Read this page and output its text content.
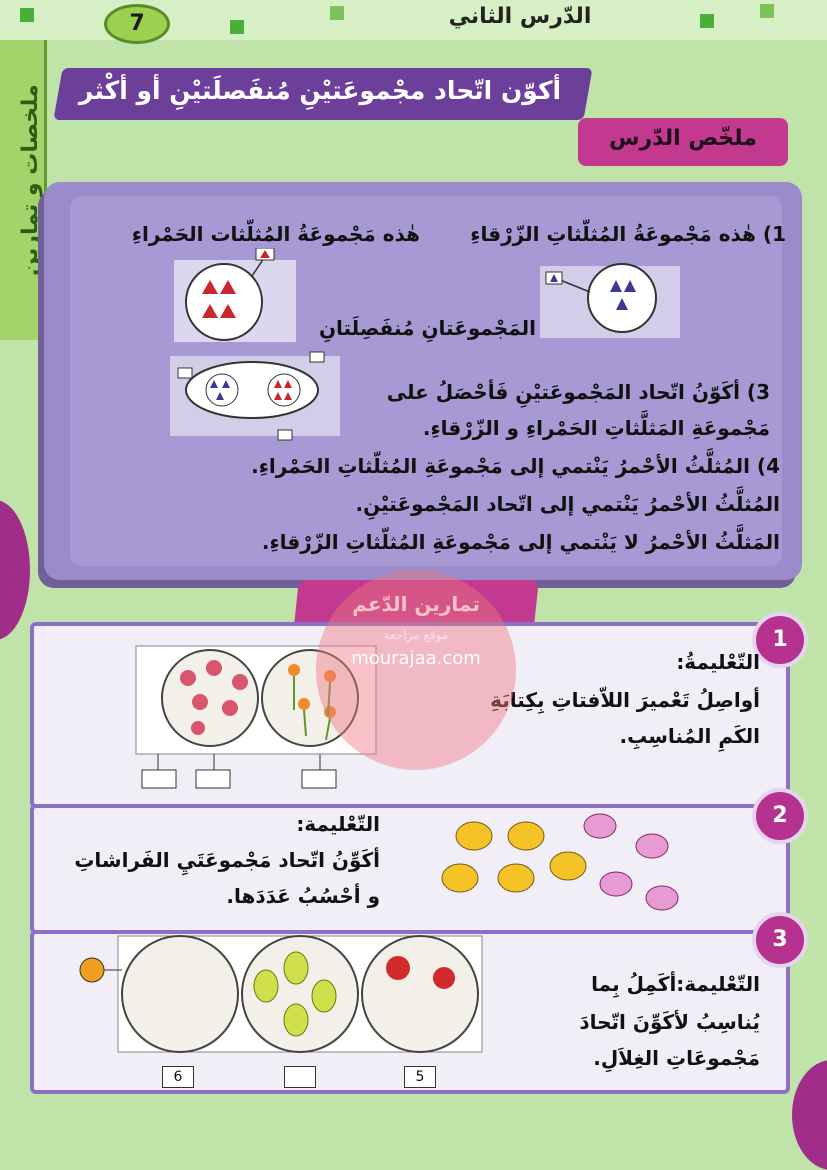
7	الدّرس الثاني
ملخصات و تمارين	أكوّن اتّحاد مجْموعَتيْنِ مُنفَصلَتيْنِ أو أكْثر
ملخّص الدّرس
1) هٰذه مَجْموعَةُ المُثلّثاتِ الزّرْقاءِ
هٰذه مَجْموعَةُ المُثلّثات الحَمْراءِ
المَجْموعَتانِ مُنفَصِلَتانِ
3) أكَوّنُ اتّحاد المَجْموعَتيْنِ فَأحْصَلُ على
مَجْموعَةِ المَثلَّثاتِ الحَمْراءِ و الزّرْقاءِ.
4) المُثلَّثُ الأحْمرُ يَنْتمي إلى مَجْموعَةِ المُثلّثاتِ الحَمْراءِ.
المُثلَّثُ الأحْمرُ يَنْتمي إلى اتّحاد المَجْموعَتيْنِ.
المَثلَّثُ الأحْمرُ لا يَنْتمي إلى مَجْموعَةِ المُثلّثاتِ الزّرْقاءِ.
تمارين الدّعم
1
التّعْليمةُ:
أواصِلُ تَعْميرَ اللاّفتاتِ بِكِتابَةِ
الكَمِ المُناسِبِ.
2
التّعْليمة:
أكَوِّنُ اتّحاد مَجْموعَتَيِ الفَراشاتِ
و أحْسُبُ عَدَدَها.
3
التّعْليمة:أكَمِلُ بِما
يُناسِبُ لأكَوِّنَ اتّحادَ
مَجْموعَاتِ الغِلاَلِ.
6	5
موقع مراجعة
mourajaa.com
